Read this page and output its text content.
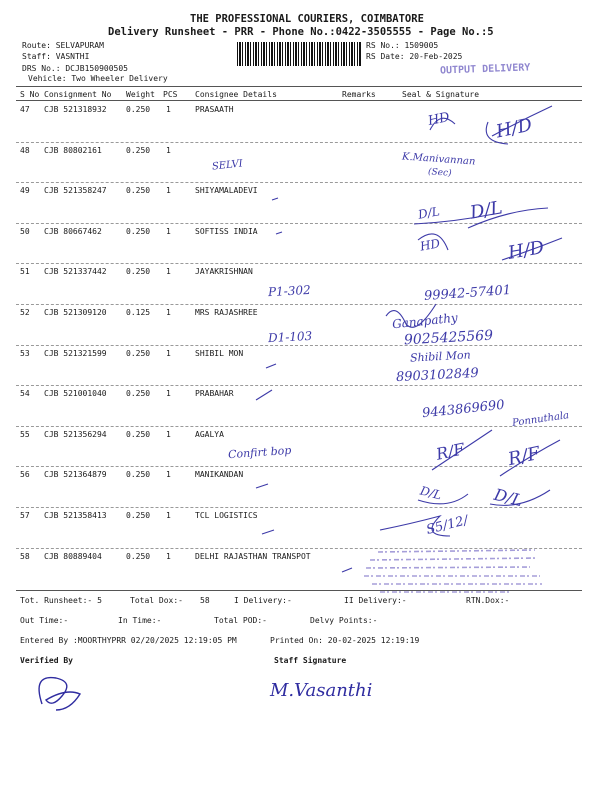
THE PROFESSIONAL COURIERS, COIMBATORE
Delivery Runsheet - PRR - Phone No.:0422-3505555 - Page No.:5
Route: SELVAPURAM
Staff: VASNTHI
DRS No.: DCJB150900505
Vehicle: Two Wheeler Delivery
RS No.: 1509005
RS Date: 20-Feb-2025
OUTPUT DELIVERY
S No Consignment No Weight PCS Consignee Details	Remarks	Seal & Signature
47 CJB 521318932 0.250 1	PRASAATH
48 CJB 80802161	0.250 1
49 CJB 521358247 0.250 1	SHIYAMALADEVI
50 CJB 80667462	0.250 1	SOFTISS INDIA
51 CJB 521337442 0.250 1	JAYAKRISHNAN
52 CJB 521309120 0.125 1	MRS RAJASHREE
53 CJB 521321599 0.250 1	SHIBIL MON
54 CJB 521001040 0.250 1	PRABAHAR
55 CJB 521356294 0.250 1	AGALYA
56 CJB 521364879 0.250 1	MANIKANDAN
57 CJB 521358413 0.250 1	TCL LOGISTICS
58 CJB 80889404	0.250 1	DELHI RAJASTHAN TRANSPOT
HD H/D
SELVI	K.Manivannan
(Sec)
D/L D/L
HD	H/D
P1-302	99942-57401
D1-103
Ganapathy
9025425569
Shibil Mon
8903102849
9443869690 Ponnuthala
Confirt bop	R/F R/F
D/L	D/L
S5/12/
Tot. Runsheet:- 5	Total Dox:- 58	I Delivery:-	II Delivery:-	RTN.Dox:-
Out Time:-	In Time:-	Total POD:-	Delvy Points:-
Entered By :MOORTHYPRR 02/20/2025 12:19:05 PM	Printed On: 20-02-2025 12:19:19
Verified By	Staff Signature
M.Vasanthi
